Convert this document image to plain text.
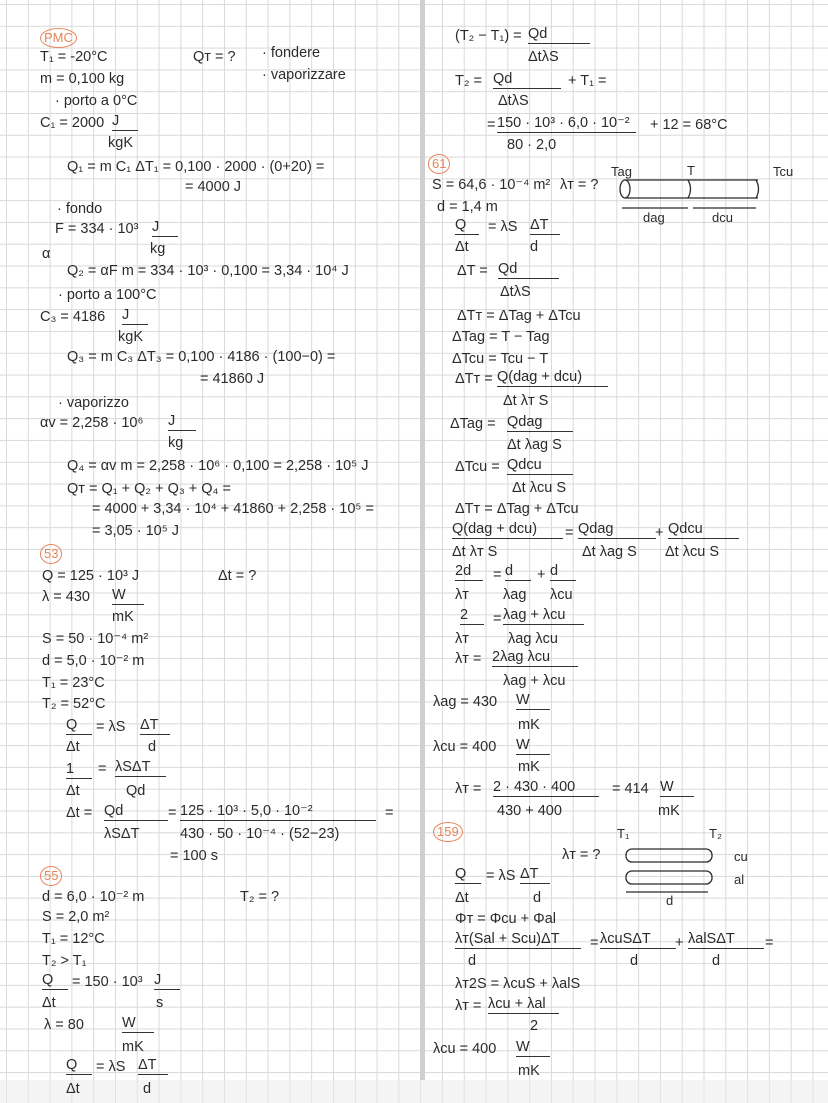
T₁ = -20°C	Qᴛ = ? · fondere
· vaporizzare
m = 0,100 kg
· porto a 0°C
C₁ = 2000 J
kgK
Q₁ = m C₁ ΔT₁ = 0,100 · 2000 · (0+20) =
= 4000 J
· fondo
F = 334 · 10³ J
kg
α
Q₂ = αF m = 334 · 10³ · 0,100 = 3,34 · 10⁴ J
· porto a 100°C
C₃ = 4186 J
kgK
Q₃ = m C₃ ΔT₃ = 0,100 · 4186 · (100−0) =
= 41860 J
· vaporizzo
αv = 2,258 · 10⁶ J
kg
Q₄ = αv m = 2,258 · 10⁶ · 0,100 = 2,258 · 10⁵ J
Qᴛ = Q₁ + Q₂ + Q₃ + Q₄ =
= 4000 + 3,34 · 10⁴ + 41860 + 2,258 · 10⁵ =
= 3,05 · 10⁵ J
Q = 125 · 10³ J	Δt = ?
λ = 430 W
mK
S = 50 · 10⁻⁴ m²
d = 5,0 · 10⁻² m
T₁ = 23°C
T₂ = 52°C
Q	= λS ΔT
Δt	d
1	= λSΔT
Δt	Qd
Δt = Qd	= 125 · 10³ · 5,0 · 10⁻²	=
λSΔT	430 · 50 · 10⁻⁴ · (52−23)
= 100 s
d = 6,0 · 10⁻² m	T₂ = ?
S = 2,0 m²
T₁ = 12°C
T₂ > T₁
Q	= 150 · 10³ J
Δt	s
λ = 80	W
mK
Q	= λS ΔT
Δt	d
(T₂ − T₁) = Qd
ΔtλS
T₂ = Qd	+ T₁ =
ΔtλS
= 150 · 10³ · 6,0 · 10⁻²	+ 12 = 68°C
80 · 2,0
S = 64,6 · 10⁻⁴ m² λᴛ = ?
d = 1,4 m
Q	= λS ΔT
Δt	d
ΔT = Qd
ΔtλS
ΔTᴛ = ΔTag + ΔTcu
ΔTag = T − Tag
ΔTcu = Tcu − T
ΔTᴛ = Q(dag + dcu)
Δt λᴛ S
ΔTag = Qdag
Δt λag S
ΔTcu = Qdcu
Δt λcu S
ΔTᴛ = ΔTag + ΔTcu
Q(dag + dcu)	= Qdag	+ Qdcu
Δt λᴛ S	Δt λag S Δt λcu S
2d	= d	+ d
λᴛ λag λcu
2	= λag + λcu
λᴛ	λag λcu
λᴛ = 2λag λcu
λag + λcu
λag = 430 W
mK
λcu = 400 W
mK
λᴛ = 2 · 430 · 400	= 414 W
430 + 400	mK
λᴛ = ?
Q	= λS ΔT
Δt	d
Φᴛ = Φcu + Φal
λᴛ(Sal + Scu)ΔT	= λcuSΔT	+ λalSΔT	=
d	d	d
λᴛ2S = λcuS + λalS
λᴛ = λcu + λal
2
λcu = 400 W
mK
PMC
53
55
61
159
Tag	T	Tcu
dag	dcu
T₁	T₂
cu
al
d
